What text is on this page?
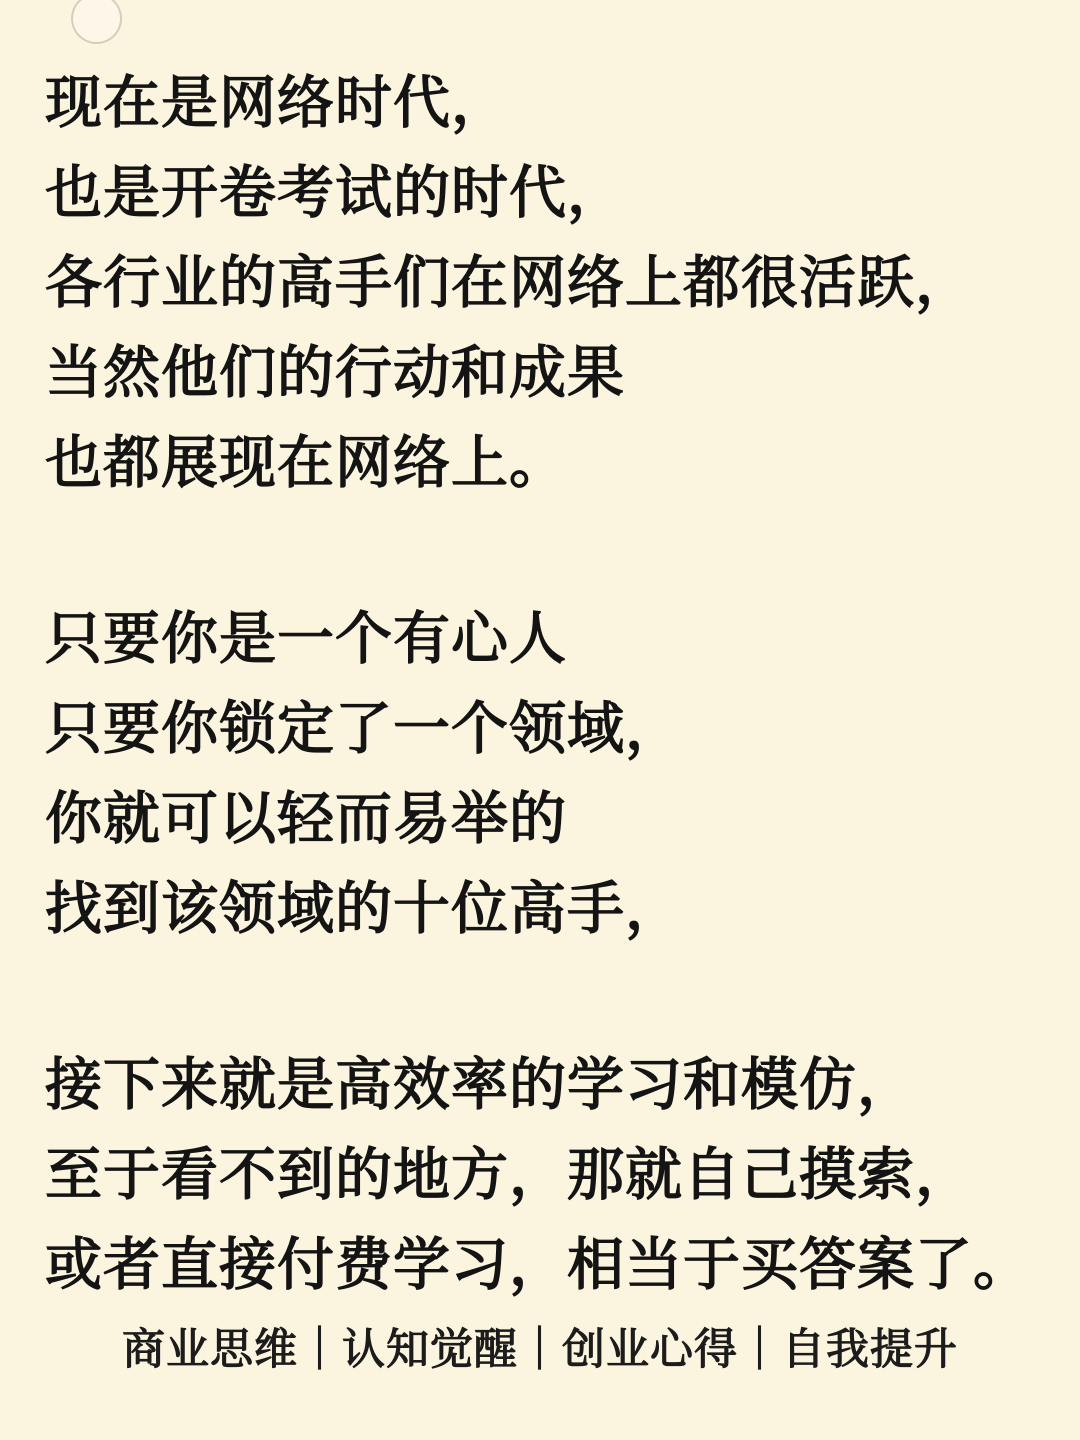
现在是网络时代，
也是开卷考试的时代，
各行业的高手们在网络上都很活跃，
当然他们的行动和成果
也都展现在网络上。
只要你是一个有心人
只要你锁定了一个领域，
你就可以轻而易举的
找到该领域的十位高手，
接下来就是高效率的学习和模仿，
至于看不到的地方，那就自己摸索，
或者直接付费学习，相当于买答案了。
商业思维｜认知觉醒｜创业心得｜自我提升
